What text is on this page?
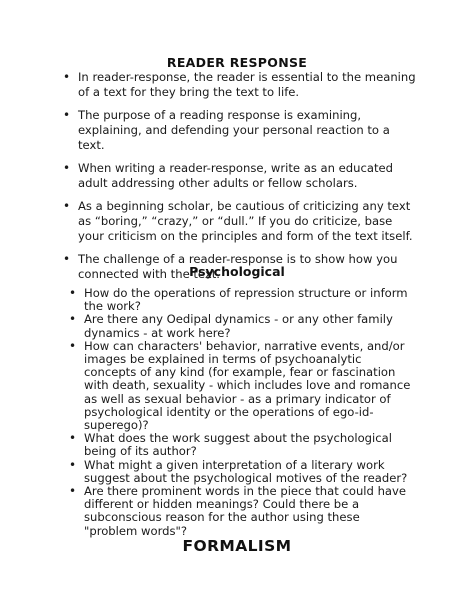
READER RESPONSE
• In reader-response, the reader is essential to the meaning of a text for they bring the text to life.
• The purpose of a reading response is examining, explaining, and defending your personal reaction to a text.
• When writing a reader-response, write as an educated adult addressing other adults or fellow scholars.
• As a beginning scholar, be cautious of criticizing any text as “boring,” “crazy,” or “dull.” If you do criticize, base your criticism on the principles and form of the text itself.
• The challenge of a reader-response is to show how you connected with the text.
Psychological
• How do the operations of repression structure or inform the work?
• Are there any Oedipal dynamics - or any other family dynamics - at work here?
• How can characters' behavior, narrative events, and/or images be explained in terms of psychoanalytic concepts of any kind (for example, fear or fascination with death, sexuality - which includes love and romance as well as sexual behavior - as a primary indicator of psychological identity or the operations of ego-id-superego)?
• What does the work suggest about the psychological being of its author?
• What might a given interpretation of a literary work suggest about the psychological motives of the reader?
• Are there prominent words in the piece that could have different or hidden meanings? Could there be a subconscious reason for the author using these "problem words"?
FORMALISM
